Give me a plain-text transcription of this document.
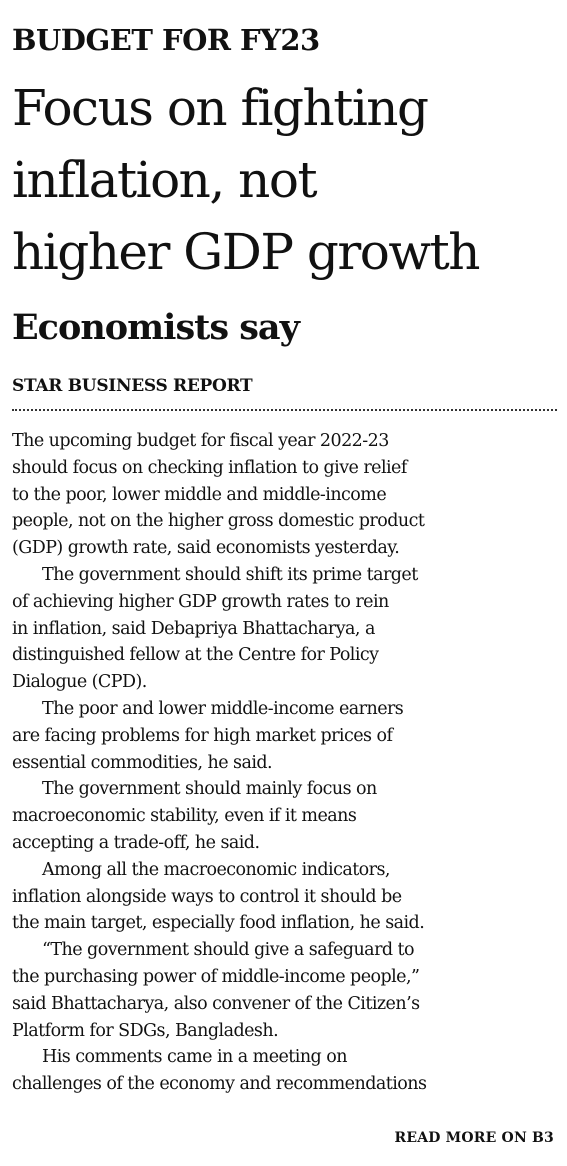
BUDGET FOR FY23
Focus on fighting
inflation, not
higher GDP growth
Economists say
STAR BUSINESS REPORT
The upcoming budget for fiscal year 2022-23
should focus on checking inflation to give relief
to the poor, lower middle and middle-income
people, not on the higher gross domestic product
(GDP) growth rate, said economists yesterday.
The government should shift its prime target
of achieving higher GDP growth rates to rein
in inflation, said Debapriya Bhattacharya, a
distinguished fellow at the Centre for Policy
Dialogue (CPD).
The poor and lower middle-income earners
are facing problems for high market prices of
essential commodities, he said.
The government should mainly focus on
macroeconomic stability, even if it means
accepting a trade-off, he said.
Among all the macroeconomic indicators,
inflation alongside ways to control it should be
the main target, especially food inflation, he said.
“The government should give a safeguard to
the purchasing power of middle-income people,”
said Bhattacharya, also convener of the Citizen’s
Platform for SDGs, Bangladesh.
His comments came in a meeting on
challenges of the economy and recommendations
READ MORE ON B3
